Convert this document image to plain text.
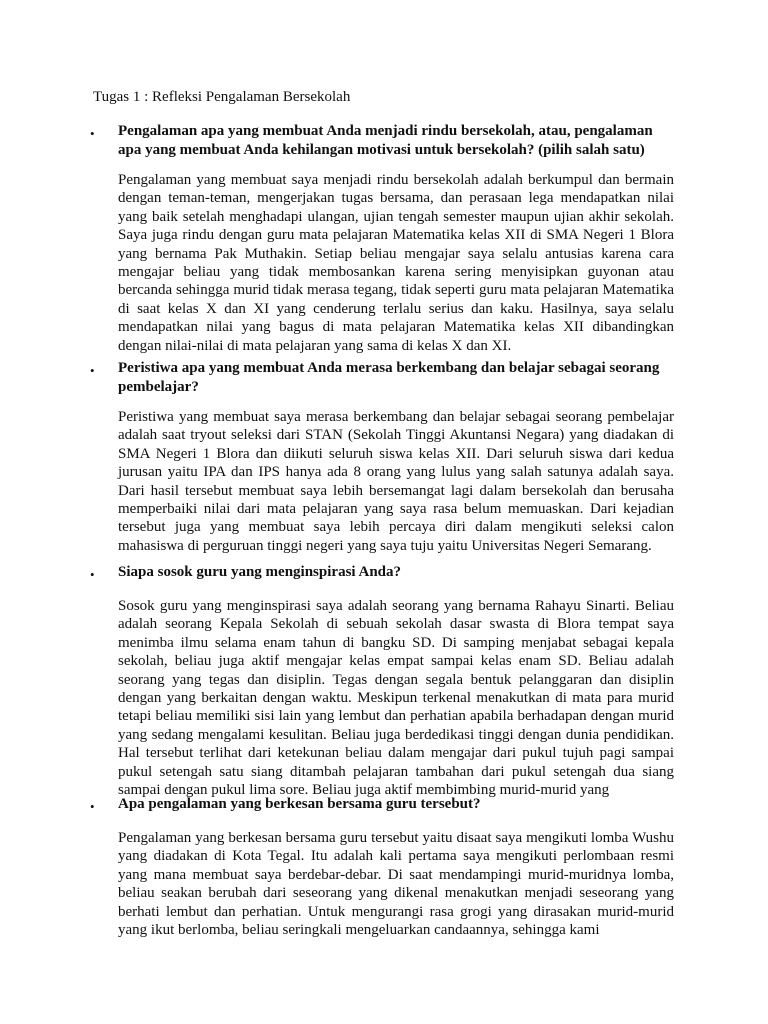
Tugas 1 : Refleksi Pengalaman Bersekolah
• Pengalaman apa yang membuat Anda menjadi rindu bersekolah, atau, pengalaman apa yang membuat Anda kehilangan motivasi untuk bersekolah? (pilih salah satu)

Pengalaman yang membuat saya menjadi rindu bersekolah adalah berkumpul dan bermain dengan teman-teman, mengerjakan tugas bersama, dan perasaan lega mendapatkan nilai yang baik setelah menghadapi ulangan, ujian tengah semester maupun ujian akhir sekolah. Saya juga rindu dengan guru mata pelajaran Matematika kelas XII di SMA Negeri 1 Blora yang bernama Pak Muthakin. Setiap beliau mengajar saya selalu antusias karena cara mengajar beliau yang tidak membosankan karena sering menyisipkan guyonan atau bercanda sehingga murid tidak merasa tegang, tidak seperti guru mata pelajaran Matematika di saat kelas X dan XI yang cenderung terlalu serius dan kaku. Hasilnya, saya selalu mendapatkan nilai yang bagus di mata pelajaran Matematika kelas XII dibandingkan dengan nilai-nilai di mata pelajaran yang sama di kelas X dan XI.

• Peristiwa apa yang membuat Anda merasa berkembang dan belajar sebagai seorang pembelajar?

Peristiwa yang membuat saya merasa berkembang dan belajar sebagai seorang pembelajar adalah saat tryout seleksi dari STAN (Sekolah Tinggi Akuntansi Negara) yang diadakan di SMA Negeri 1 Blora dan diikuti seluruh siswa kelas XII. Dari seluruh siswa dari kedua jurusan yaitu IPA dan IPS hanya ada 8 orang yang lulus yang salah satunya adalah saya. Dari hasil tersebut membuat saya lebih bersemangat lagi dalam bersekolah dan berusaha memperbaiki nilai dari mata pelajaran yang saya rasa belum memuaskan. Dari kejadian tersebut juga yang membuat saya lebih percaya diri dalam mengikuti seleksi calon mahasiswa di perguruan tinggi negeri yang saya tuju yaitu Universitas Negeri Semarang.

• Siapa sosok guru yang menginspirasi Anda?

Sosok guru yang menginspirasi saya adalah seorang yang bernama Rahayu Sinarti. Beliau adalah seorang Kepala Sekolah di sebuah sekolah dasar swasta di Blora tempat saya menimba ilmu selama enam tahun di bangku SD. Di samping menjabat sebagai kepala sekolah, beliau juga aktif mengajar kelas empat sampai kelas enam SD. Beliau adalah seorang yang tegas dan disiplin. Tegas dengan segala bentuk pelanggaran dan disiplin dengan yang berkaitan dengan waktu. Meskipun terkenal menakutkan di mata para murid tetapi beliau memiliki sisi lain yang lembut dan perhatian apabila berhadapan dengan murid yang sedang mengalami kesulitan. Beliau juga berdedikasi tinggi dengan dunia pendidikan. Hal tersebut terlihat dari ketekunan beliau dalam mengajar dari pukul tujuh pagi sampai pukul setengah satu siang ditambah pelajaran tambahan dari pukul setengah dua siang sampai dengan pukul lima sore. Beliau juga aktif membimbing murid-murid yang

• Apa pengalaman yang berkesan bersama guru tersebut?

Pengalaman yang berkesan bersama guru tersebut yaitu disaat saya mengikuti lomba Wushu yang diadakan di Kota Tegal. Itu adalah kali pertama saya mengikuti perlombaan resmi yang mana membuat saya berdebar-debar. Di saat mendampingi murid-muridnya lomba, beliau seakan berubah dari seseorang yang dikenal menakutkan menjadi seseorang yang berhati lembut dan perhatian. Untuk mengurangi rasa grogi yang dirasakan murid-murid yang ikut berlomba, beliau seringkali mengeluarkan candaannya, sehingga kami
